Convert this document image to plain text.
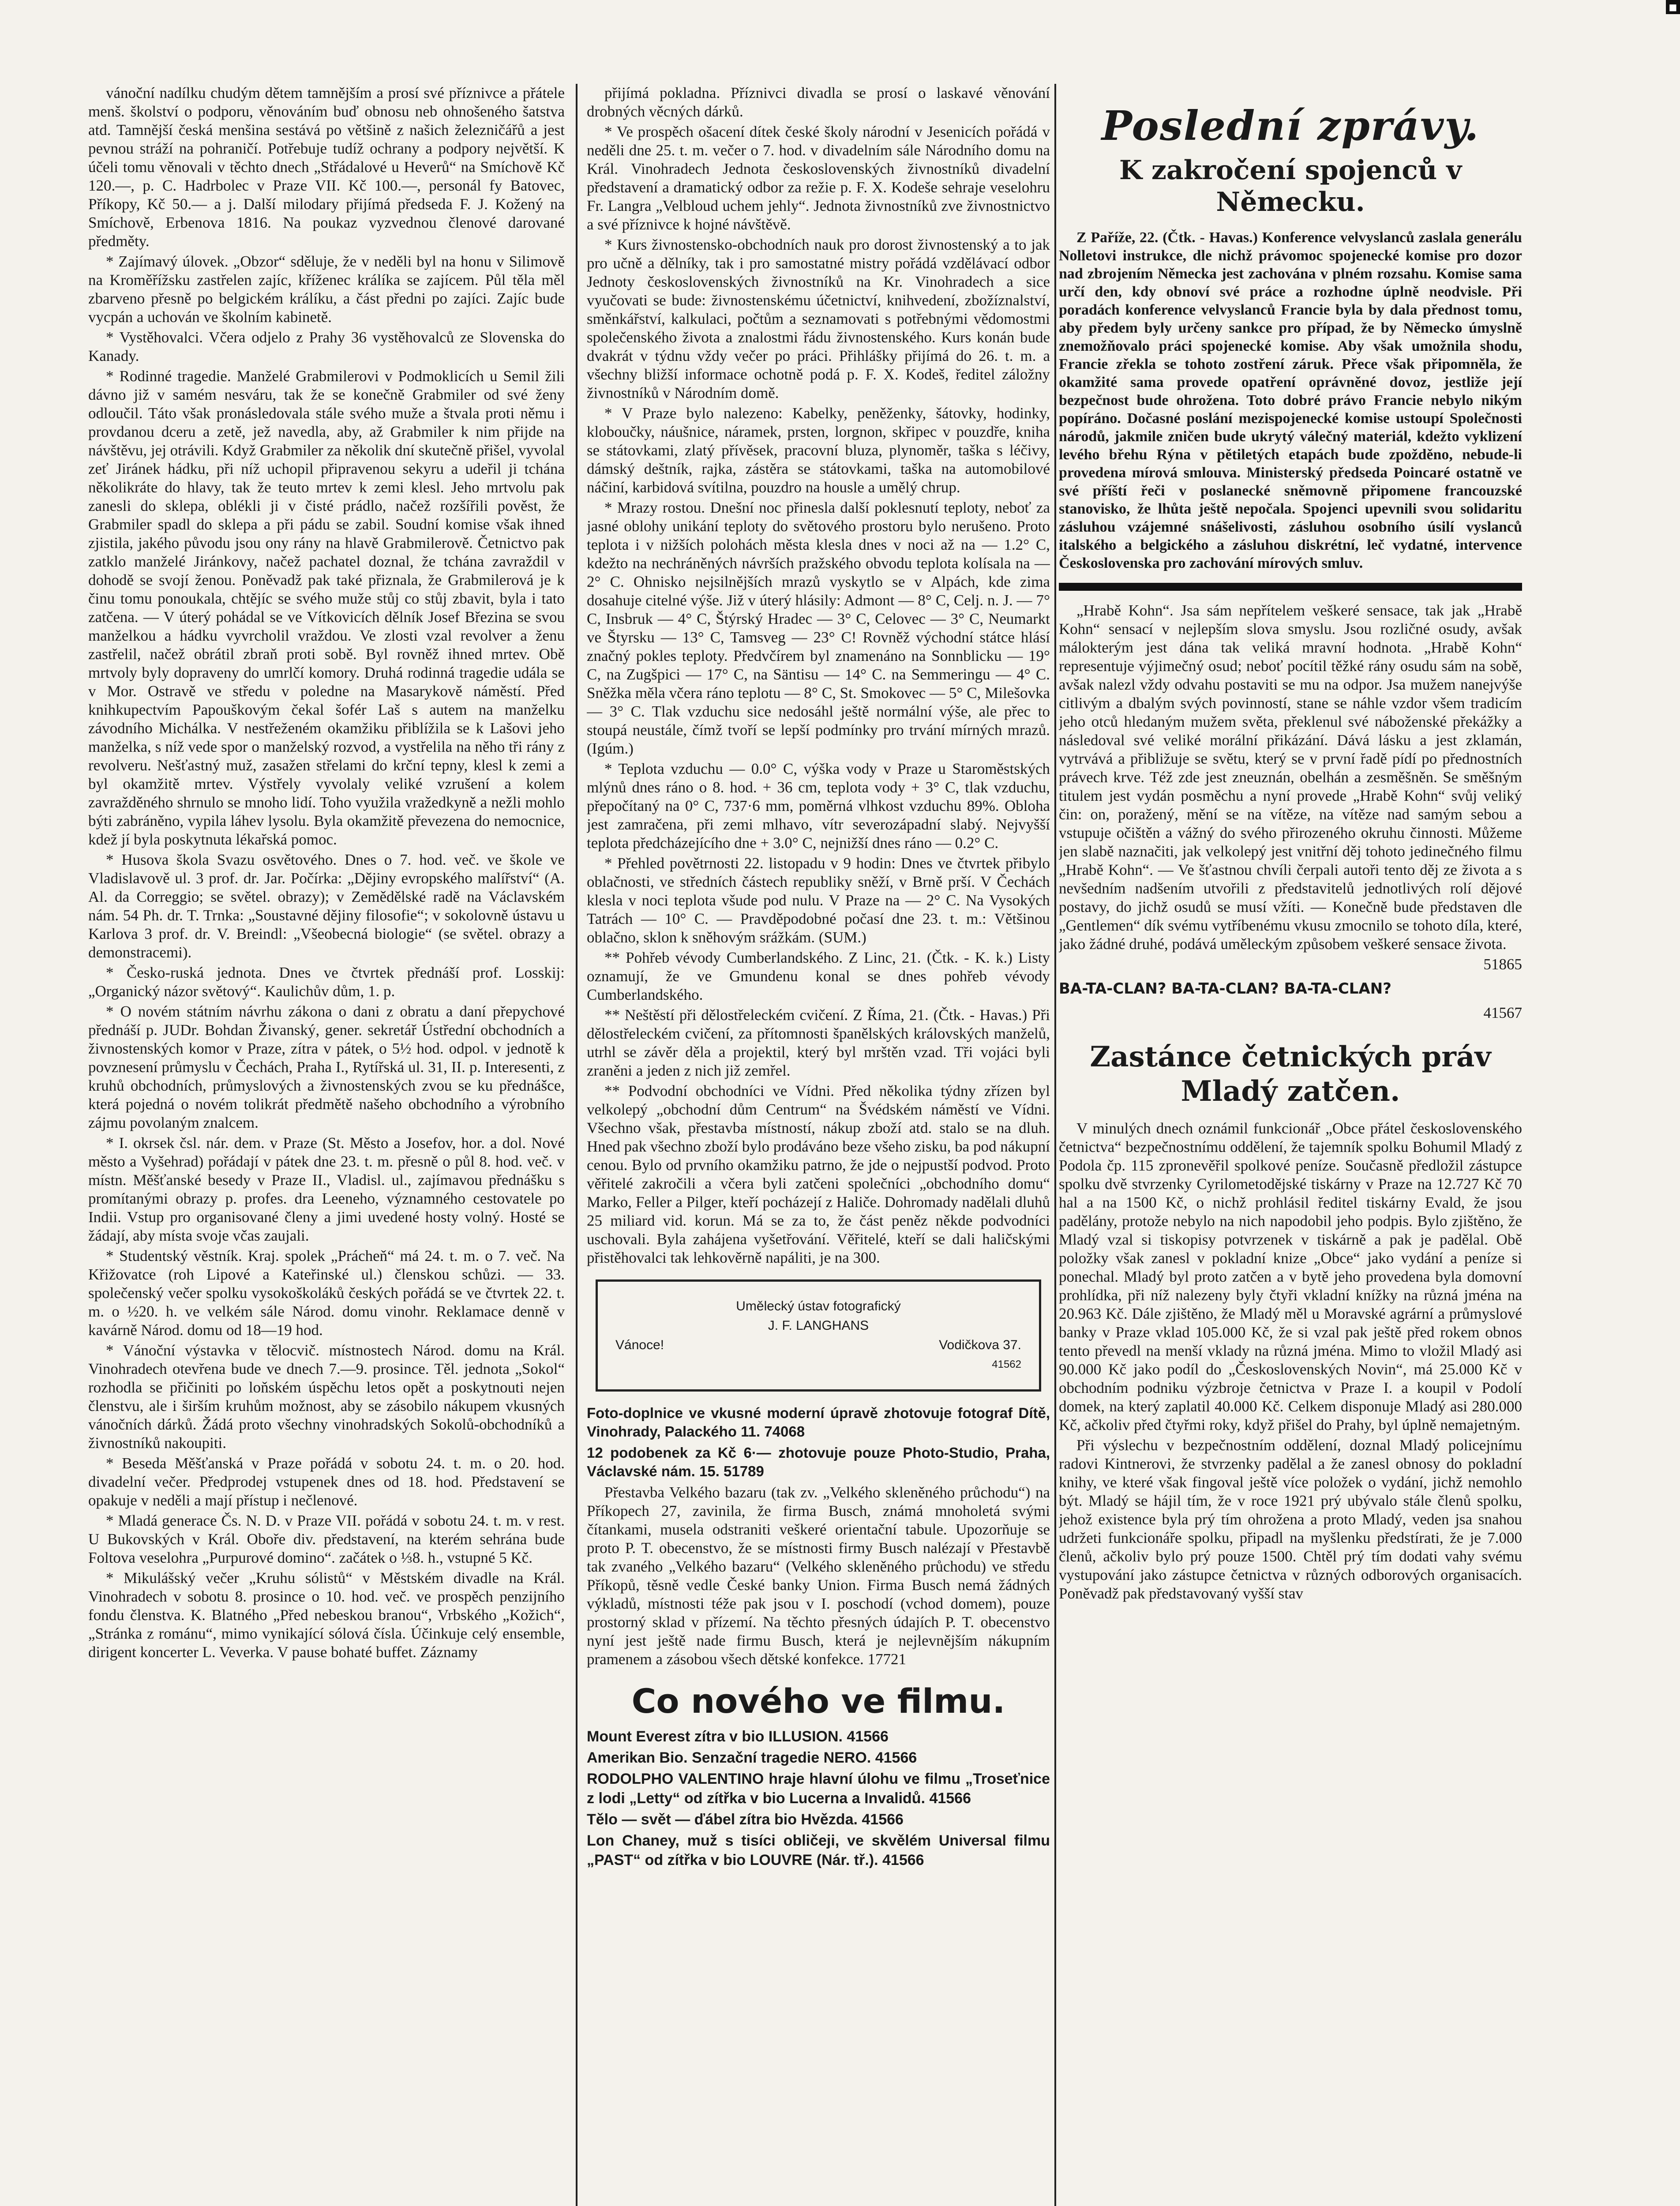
■

vánoční nadílku chudým dětem tamnějším a prosí své příznivce a přátele menš. školství o podporu, věnováním buď obnosu neb ohnošeného šatstva atd. Tamnější česká menšina sestává po většině z našich železničářů a jest pevnou stráží na pohraničí. Potřebuje tudíž ochrany a podpory největší. K účeli tomu věnovali v těchto dnech „Střádalové u Heverů“ na Smíchově Kč 120.—, p. C. Hadrbolec v Praze VII. Kč 100.—, personál fy Batovec, Příkopy, Kč 50.— a j. Další milodary přijímá předseda F. J. Kožený na Smíchově, Erbenova 1816. Na poukaz vyzvednou členové darované předměty.

* Zajímavý úlovek. „Obzor“ sděluje, že v neděli byl na honu v Silimově na Kroměřížsku zastřelen zajíc, kříženec králíka se zajícem. Půl těla měl zbarveno přesně po belgickém králíku, a část předni po zajíci. Zajíc bude vycpán a uchován ve školním kabinetě.

* Vystěhovalci. Včera odjelo z Prahy 36 vystěhovalců ze Slovenska do Kanady.

* Rodinné tragedie. Manželé Grabmilerovi v Podmoklicích u Semil žili dávno již v samém nesváru, tak že se konečně Grabmiler od své ženy odloučil. Táto však pronásledovala stále svého muže a štvala proti němu i provdanou dceru a zetě, jež navedla, aby, až Grabmiler k nim přijde na návštěvu, jej otrávili. Když Grabmiler za několik dní skutečně přišel, vyvolal zeť Jiránek hádku, při níž uchopil připravenou sekyru a udeřil ji tchána několikráte do hlavy, tak že teuto mrtev k zemi klesl. Jeho mrtvolu pak zanesli do sklepa, oblékli ji v čisté prádlo, načež rozšířili pověst, že Grabmiler spadl do sklepa a při pádu se zabil. Soudní komise však ihned zjistila, jakého původu jsou ony rány na hlavě Grabmilerově. Četnictvo pak zatklo manželé Jiránkovy, načež pachatel doznal, že tchána zavraždil v dohodě se svojí ženou. Poněvadž pak také přiznala, že Grabmilerová je k činu tomu ponoukala, chtějíc se svého muže stůj co stůj zbavit, byla i tato zatčena. — V úterý pohádal se ve Vítkovicích dělník Josef Březina se svou manželkou a hádku vyvrcholil vraždou. Ve zlosti vzal revolver a ženu zastřelil, načež obrátil zbraň proti sobě. Byl rovněž ihned mrtev. Obě mrtvoly byly dopraveny do umrlčí komory. Druhá rodinná tragedie udála se v Mor. Ostravě ve středu v poledne na Masarykově náměstí. Před knihkupectvím Papouškovým čekal šofér Laš s autem na manželku závodního Michálka. V nestřeženém okamžiku přiblížila se k Lašovi jeho manželka, s níž vede spor o manželský rozvod, a vystřelila na něho tři rány z revolveru. Nešťastný muž, zasažen střelami do krční tepny, klesl k zemi a byl okamžitě mrtev. Výstřely vyvolaly veliké vzrušení a kolem zavražděného shrnulo se mnoho lidí. Toho využila vražedkyně a nežli mohlo býti zabráněno, vypila láhev lysolu. Byla okamžitě převezena do nemocnice, kdež jí byla poskytnuta lékařská pomoc.

* Husova škola Svazu osvětového. Dnes o 7. hod. več. ve škole ve Vladislavově ul. 3 prof. dr. Jar. Počírka: „Dějiny evropského malířství“ (A. Al. da Correggio; se světel. obrazy); v Zemědělské radě na Václavském nám. 54 Ph. dr. T. Trnka: „Soustavné dějiny filosofie“; v sokolovně ústavu u Karlova 3 prof. dr. V. Breindl: „Všeobecná biologie“ (se světel. obrazy a demonstracemi).

* Česko-ruská jednota. Dnes ve čtvrtek přednáší prof. Losskij: „Organický názor světový“. Kaulichův dům, 1. p.

* O novém státním návrhu zákona o dani z obratu a daní přepychové přednáší p. JUDr. Bohdan Živanský, gener. sekretář Ústřední obchodních a živnostenských komor v Praze, zítra v pátek, o 5½ hod. odpol. v jednotě k povznesení průmyslu v Čechách, Praha I., Rytířská ul. 31, II. p. Interesenti, z kruhů obchodních, průmyslových a živnostenských zvou se ku přednášce, která pojedná o novém tolikrát předmětě našeho obchodního a výrobního zájmu povolaným znalcem.

* I. okrsek čsl. nár. dem. v Praze (St. Město a Josefov, hor. a dol. Nové město a Vyšehrad) pořádají v pátek dne 23. t. m. přesně o půl 8. hod. več. v místn. Měšťanské besedy v Praze II., Vladisl. ul., zajímavou přednášku s promítanými obrazy p. profes. dra Leeneho, významného cestovatele po Indii. Vstup pro organisované členy a jimi uvedené hosty volný. Hosté se žádají, aby místa svoje včas zaujali.

* Studentský věstník. Kraj. spolek „Prácheň“ má 24. t. m. o 7. več. Na Křižovatce (roh Lipové a Kateřinské ul.) členskou schůzi. — 33. společenský večer spolku vysokoškoláků českých pořádá se ve čtvrtek 22. t. m. o ½20. h. ve velkém sále Národ. domu vinohr. Reklamace denně v kavárně Národ. domu od 18—19 hod.

* Vánoční výstavka v tělocvič. místnostech Národ. domu na Král. Vinohradech otevřena bude ve dnech 7.—9. prosince. Těl. jednota „Sokol“ rozhodla se přičiniti po loňském úspěchu letos opět a poskytnouti nejen členstvu, ale i širším kruhům možnost, aby se zásobilo nákupem vkusných vánočních dárků. Žádá proto všechny vinohradských Sokolů-obchodníků a živnostníků nakoupiti.

* Beseda Měšťanská v Praze pořádá v sobotu 24. t. m. o 20. hod. divadelní večer. Předprodej vstupenek dnes od 18. hod. Představení se opakuje v neděli a mají přístup i nečlenové.

* Mladá generace Čs. N. D. v Praze VII. pořádá v sobotu 24. t. m. v rest. U Bukovských v Král. Oboře div. představení, na kterém sehrána bude Foltova veselohra „Purpurové domino“. začátek o ⅓8. h., vstupné 5 Kč.

* Mikulášský večer „Kruhu sólistů“ v Městském divadle na Král. Vinohradech v sobotu 8. prosince o 10. hod. več. ve prospěch penzijního fondu členstva. K. Blatného „Před nebeskou branou“, Vrbského „Kožich“, „Stránka z románu“, mimo vynikající sólová čísla. Účinkuje celý ensemble, dirigent koncerter L. Veverka. V pause bohaté buffet. Záznamy

přijímá pokladna. Příznivci divadla se prosí o laskavé věnování drobných věcných dárků.

* Ve prospěch ošacení dítek české školy národní v Jesenicích pořádá v neděli dne 25. t. m. večer o 7. hod. v divadelním sále Národního domu na Král. Vinohradech Jednota československých živnostníků divadelní představení a dramatický odbor za režie p. F. X. Kodeše sehraje veselohru Fr. Langra „Velbloud uchem jehly“. Jednota živnostníků zve živnostnictvo a své příznivce k hojné návštěvě.

* Kurs živnostensko-obchodních nauk pro dorost živnostenský a to jak pro učně a dělníky, tak i pro samostatné mistry pořádá vzdělávací odbor Jednoty československých živnostníků na Kr. Vinohradech a sice vyučovati se bude: živnostenskému účetnictví, knihvedení, zbožíznalství, směnkářství, kalkulaci, počtům a seznamovati s potřebnými vědomostmi společenského života a znalostmi řádu živnostenského. Kurs konán bude dvakrát v týdnu vždy večer po práci. Přihlášky přijímá do 26. t. m. a všechny bližší informace ochotně podá p. F. X. Kodeš, ředitel záložny živnostníků v Národním domě.

* V Praze bylo nalezeno: Kabelky, peněženky, šátovky, hodinky, kloboučky, náušnice, náramek, prsten, lorgnon, skřipec v pouzdře, kniha se státovkami, zlatý přívěsek, pracovní bluza, plynoměr, taška s léčivy, dámský deštník, rajka, zástěra se státovkami, taška na automobilové náčiní, karbidová svítilna, pouzdro na housle a umělý chrup.

* Mrazy rostou. Dnešní noc přinesla další poklesnutí teploty, neboť za jasné oblohy unikání teploty do světového prostoru bylo nerušeno. Proto teplota i v nižších polohách města klesla dnes v noci až na — 1.2° C, kdežto na nechráněných návrších pražského obvodu teplota kolísala na — 2° C. Ohnisko nejsilnějších mrazů vyskytlo se v Alpách, kde zima dosahuje citelné výše. Již v úterý hlásily: Admont — 8° C, Celj. n. J. — 7° C, Insbruk — 4° C, Štýrský Hradec — 3° C, Celovec — 3° C, Neumarkt ve Štyrsku — 13° C, Tamsveg — 23° C! Rovněž východní státce hlásí značný pokles teploty. Předvčírem byl znamenáno na Sonnblicku — 19° C, na Zugšpici — 17° C, na Säntisu — 14° C. na Semmeringu — 4° C. Sněžka měla včera ráno teplotu — 8° C, St. Smokovec — 5° C, Milešovka — 3° C. Tlak vzduchu sice nedosáhl ještě normální výše, ale přec to stoupá neustále, čímž tvoří se lepší podmínky pro trvání mírných mrazů. (Igúm.)

* Teplota vzduchu — 0.0° C, výška vody v Praze u Staroměstských mlýnů dnes ráno o 8. hod. + 36 cm, teplota vody + 3° C, tlak vzduchu, přepočítaný na 0° C, 737·6 mm, poměrná vlhkost vzduchu 89%. Obloha jest zamračena, při zemi mlhavo, vítr severozápadní slabý. Nejvyšší teplota předcházejícího dne + 3.0° C, nejnižší dnes ráno — 0.2° C.

* Přehled povětrnosti 22. listopadu v 9 hodin: Dnes ve čtvrtek přibylo oblačnosti, ve středních částech republiky sněží, v Brně prší. V Čechách klesla v noci teplota všude pod nulu. V Praze na — 2° C. Na Vysokých Tatrách — 10° C. — Pravděpodobné počasí dne 23. t. m.: Většinou oblačno, sklon k sněhovým srážkám. (SUM.)

** Pohřeb vévody Cumberlandského. Z Linc, 21. (Čtk. - K. k.) Listy oznamují, že ve Gmundenu konal se dnes pohřeb vévody Cumberlandského.

** Neštěstí při dělostřeleckém cvičení. Z Říma, 21. (Čtk. - Havas.) Při dělostřeleckém cvičení, za přítomnosti španělských královských manželů, utrhl se závěr děla a projektil, který byl mrštěn vzad. Tři vojáci byli zraněni a jeden z nich již zemřel.

** Podvodní obchodníci ve Vídni. Před několika týdny zřízen byl velkolepý „obchodní dům Centrum“ na Švédském náměstí ve Vídni. Všechno však, přestavba místností, nákup zboží atd. stalo se na dluh. Hned pak všechno zboží bylo prodáváno beze všeho zisku, ba pod nákupní cenou. Bylo od prvního okamžiku patrno, že jde o nejpustší podvod. Proto věřitelé zakročili a včera byli zatčeni společníci „obchodního domu“ Marko, Feller a Pilger, kteří pocházejí z Haliče. Dohromady nadělali dluhů 25 miliard vid. korun. Má se za to, že část peněz někde podvodníci uschovali. Byla zahájena vyšetřování. Věřitelé, kteří se dali haličskými přistěhovalci tak lehkověrně napáliti, je na 300.

Umělecký ústav fotografický
J. F. LANGHANS
Vánoce!	Vodičkova 37.
41562

Foto-doplnice ve vkusné moderní úpravě zhotovuje fotograf Dítě, Vinohrady, Palackého 11. 74068

12 podobenek za Kč 6·— zhotovuje pouze Photo-Studio, Praha, Václavské nám. 15. 51789

Přestavba Velkého bazaru (tak zv. „Velkého skleněného průchodu“) na Příkopech 27, zavinila, že firma Busch, známá mnoholetá svými čítankami, musela odstraniti veškeré orientační tabule. Upozorňuje se proto P. T. obecenstvo, že se místnosti firmy Busch nalézají v Přestavbě tak zvaného „Velkého bazaru“ (Velkého skleněného průchodu) ve středu Příkopů, těsně vedle České banky Union. Firma Busch nemá žádných výkladů, místnosti téže pak jsou v I. poschodí (vchod domem), pouze prostorný sklad v přízemí. Na těchto přesných údajích P. T. obecenstvo nyní jest ještě nade firmu Busch, která je nejlevnějším nákupním pramenem a zásobou všech dětské konfekce. 17721

Co nového ve filmu.

Mount Everest zítra v bio ILLUSION. 41566

Amerikan Bio. Senzační tragedie NERO. 41566

RODOLPHO VALENTINO hraje hlavní úlohu ve filmu „Troseťnice z lodi „Letty“ od zítřka v bio Lucerna a Invalidů. 41566

Tělo — svět — ďábel zítra bio Hvězda. 41566

Lon Chaney, muž s tisíci obličeji, ve skvělém Universal filmu „PAST“ od zítřka v bio LOUVRE (Nár. tř.). 41566

Poslední zprávy.
K zakročení spojenců v Německu.

Z Paříže, 22. (Čtk. - Havas.) Konference velvyslanců zaslala generálu Nolletovi instrukce, dle nichž právomoc spojenecké komise pro dozor nad zbrojením Německa jest zachována v plném rozsahu. Komise sama určí den, kdy obnoví své práce a rozhodne úplně neodvisle. Při poradách konference velvyslanců Francie byla by dala přednost tomu, aby předem byly určeny sankce pro případ, že by Německo úmyslně znemožňovalo práci spojenecké komise. Aby však umožnila shodu, Francie zřekla se tohoto zostření záruk. Přece však připomněla, že okamžité sama provede opatření oprávněné dovoz, jestliže její bezpečnost bude ohrožena. Toto dobré právo Francie nebylo nikým popíráno. Dočasné poslání mezispojenecké komise ustoupí Společnosti národů, jakmile zničen bude ukrytý válečný materiál, kdežto vyklizení levého břehu Rýna v pětiletých etapách bude zpožděno, nebude-li provedena mírová smlouva. Ministerský předseda Poincaré ostatně ve své příští řeči v poslanecké sněmovně připomene francouzské stanovisko, že lhůta ještě nepočala. Spojenci upevnili svou solidaritu zásluhou vzájemné snášelivosti, zásluhou osobního úsilí vyslanců italského a belgického a zásluhou diskrétní, leč vydatné, intervence Československa pro zachování mírových smluv.

„Hrabě Kohn“. Jsa sám nepřítelem veškeré sensace, tak jak „Hrabě Kohn“ sensací v nejlepším slova smyslu. Jsou rozličné osudy, avšak málokterým jest dána tak veliká mravní hodnota. „Hrabě Kohn“ representuje výjimečný osud; neboť pocítil těžké rány osudu sám na sobě, avšak nalezl vždy odvahu postaviti se mu na odpor. Jsa mužem nanejvýše citlivým a dbalým svých povinností, stane se náhle vzdor všem tradicím jeho otců hledaným mužem světa, překlenul své náboženské překážky a následoval své veliké morální přikázání. Dává lásku a jest zklamán, vytrvává a přibližuje se světu, který se v první řadě pídí po přednostních právech krve. Též zde jest zneuznán, obelhán a zesměšněn. Se směšným titulem jest vydán posměchu a nyní provede „Hrabě Kohn“ svůj veliký čin: on, poražený, mění se na vítěze, na vítěze nad samým sebou a vstupuje očištěn a vážný do svého přirozeného okruhu činnosti. Můžeme jen slabě naznačiti, jak velkolepý jest vnitřní děj tohoto jedinečného filmu „Hrabě Kohn“. — Ve šťastnou chvíli čerpali autoři tento děj ze života a s nevšedním nadšením utvořili z představitelů jednotlivých rolí dějové postavy, do jichž osudů se musí vžíti. — Konečně bude představen dle „Gentlemen“ dík svému vytříbenému vkusu zmocnilo se tohoto díla, které, jako žádné druhé, podává uměleckým způsobem veškeré sensace života.

51865
BA-TA-CLAN? BA-TA-CLAN? BA-TA-CLAN?
41567
Zastánce četnických práv Mladý zatčen.

V minulých dnech oznámil funkcionář „Obce přátel československého četnictva“ bezpečnostnímu oddělení, že tajemník spolku Bohumil Mladý z Podola čp. 115 zpronevěřil spolkové peníze. Současně předložil zástupce spolku dvě stvrzenky Cyrilometodějské tiskárny v Praze na 12.727 Kč 70 hal a na 1500 Kč, o nichž prohlásil ředitel tiskárny Evald, že jsou padělány, protože nebylo na nich napodobil jeho podpis. Bylo zjištěno, že Mladý vzal si tiskopisy potvrzenek v tiskárně a pak je padělal. Obě položky však zanesl v pokladní knize „Obce“ jako vydání a peníze si ponechal. Mladý byl proto zatčen a v bytě jeho provedena byla domovní prohlídka, při níž nalezeny byly čtyři vkladní knížky na různá jména na 20.963 Kč. Dále zjištěno, že Mladý měl u Moravské agrární a průmyslové banky v Praze vklad 105.000 Kč, že si vzal pak ještě před rokem obnos tento převedl na menší vklady na různá jména. Mimo to vložil Mladý asi 90.000 Kč jako podíl do „Československých Novin“, má 25.000 Kč v obchodním podniku výzbroje četnictva v Praze I. a koupil v Podolí domek, na který zaplatil 40.000 Kč. Celkem disponuje Mladý asi 280.000 Kč, ačkoliv před čtyřmi roky, když přišel do Prahy, byl úplně nemajetným.

Při výslechu v bezpečnostním oddělení, doznal Mladý policejnímu radovi Kintnerovi, že stvrzenky padělal a že zanesl obnosy do pokladní knihy, ve které však fingoval ještě více položek o vydání, jichž nemohlo být. Mladý se hájil tím, že v roce 1921 prý ubývalo stále členů spolku, jehož existence byla prý tím ohrožena a proto Mladý, veden jsa snahou udržeti funkcionáře spolku, připadl na myšlenku předstírati, že je 7.000 členů, ačkoliv bylo prý pouze 1500. Chtěl prý tím dodati vahy svému vystupování jako zástupce četnictva v různých odborových organisacích. Poněvadž pak představovaný vyšší stav
